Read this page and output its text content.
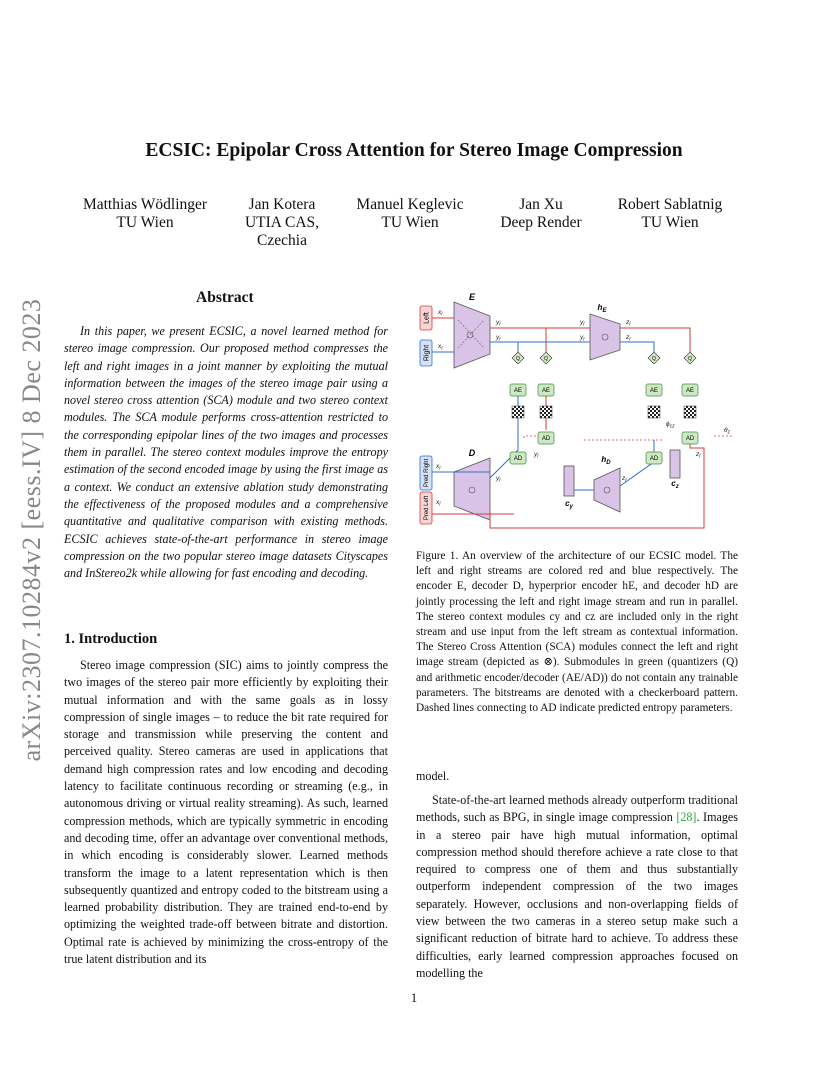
arXiv:2307.10284v2 [eess.IV] 8 Dec 2023
ECSIC: Epipolar Cross Attention for Stereo Image Compression
Matthias Wödlinger
TU Wien
Jan Kotera
UTIA CAS,
Czechia
Manuel Keglevic
TU Wien
Jan Xu
Deep Render
Robert Sablatnig
TU Wien
Abstract
In this paper, we present ECSIC, a novel learned method for stereo image compression. Our proposed method compresses the left and right images in a joint manner by exploiting the mutual information between the images of the stereo image pair using a novel stereo cross attention (SCA) module and two stereo context modules. The SCA module performs cross-attention restricted to the corresponding epipolar lines of the two images and processes them in parallel. The stereo context modules improve the entropy estimation of the second encoded image by using the first image as a context. We conduct an extensive ablation study demonstrating the effectiveness of the proposed modules and a comprehensive quantitative and qualitative comparison with existing methods. ECSIC achieves state-of-the-art performance in stereo image compression on the two popular stereo image datasets Cityscapes and InStereo2k while allowing for fast encoding and decoding.
1. Introduction
Stereo image compression (SIC) aims to jointly compress the two images of the stereo pair more efficiently by exploiting their mutual information and with the same goals as in lossy compression of single images – to reduce the bit rate required for storage and transmission while preserving the content and perceived quality. Stereo cameras are used in applications that demand high compression rates and low encoding and decoding latency to facilitate continuous recording or streaming (e.g., in autonomous driving or virtual reality streaming). As such, learned compression methods, which are typically symmetric in encoding and decoding time, offer an advantage over conventional methods, in which encoding is considerably slower. Learned methods transform the image to a latent representation which is then subsequently quantized and entropy coded to the bitstream using a learned probability distribution. They are trained end-to-end by optimizing the weighted trade-off between bitrate and distortion. Optimal rate is achieved by minimizing the cross-entropy of the true latent distribution and its
Left
Right
Pred Right
Pred Left
E
$h_E$
D
$h_D$
$c_y$
$c_z$
$x_l$
$x_r$
$y_l$
$y_r$
$y_l$
$y_r$
$z_l$
$z_r$
$x_r$
$x_l$
$y_r$
$y_l$
$z_r$
$z_l$
$\phi_{cz}$
$\theta_z$
Q	Q	Q	Q
AE	AE	AE	AE
AD
AD	AD
AD
Figure 1. An overview of the architecture of our ECSIC model. The left and right streams are colored red and blue respectively. The encoder E, decoder D, hyperprior encoder hE, and decoder hD are jointly processing the left and right image stream and run in parallel. The stereo context modules cy and cz are included only in the right stream and use input from the left stream as contextual information. The Stereo Cross Attention (SCA) modules connect the left and right image stream (depicted as ⊗). Submodules in green (quantizers (Q) and arithmetic encoder/decoder (AE/AD)) do not contain any trainable parameters. The bitstreams are denoted with a checkerboard pattern. Dashed lines connecting to AD indicate predicted entropy parameters.
model.
State-of-the-art learned methods already outperform traditional methods, such as BPG, in single image compression [28]. Images in a stereo pair have high mutual information, optimal compression method should therefore achieve a rate close to that required to compress one of them and thus substantially outperform independent compression of the two images separately. However, occlusions and non-overlapping fields of view between the two cameras in a stereo setup make such a significant reduction of bitrate hard to achieve. To address these difficulties, early learned compression approaches focused on modelling the
1
